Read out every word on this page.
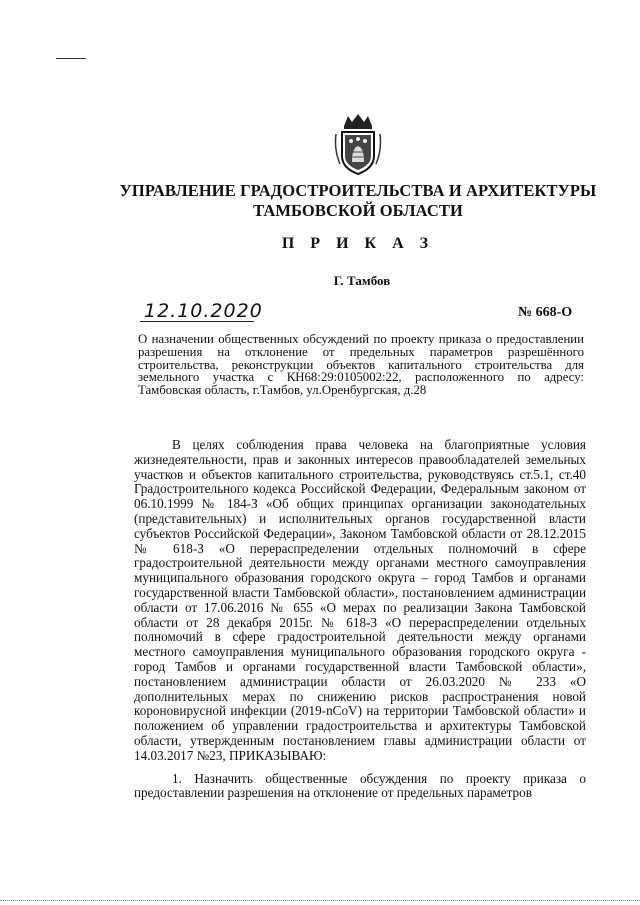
УПРАВЛЕНИЕ ГРАДОСТРОИТЕЛЬСТВА И АРХИТЕКТУРЫ
ТАМБОВСКОЙ ОБЛАСТИ
П Р И К А З
Г. Тамбов
12.10.2020	№ 668-О

О назначении общественных обсуждений по проекту приказа о предоставлении разрешения на отклонение от предельных параметров разрешённого строительства, реконструкции объектов капитального строительства для земельного участка с КН68:29:0105002:22, расположенного по адресу: Тамбовская область, г.Тамбов, ул.Оренбургская, д.28

В целях соблюдения права человека на благоприятные условия жизнедеятельности, прав и законных интересов правообладателей земельных участков и объектов капитального строительства, руководствуясь ст.5.1, ст.40 Градостроительного кодекса Российской Федерации, Федеральным законом от 06.10.1999 № 184-З «Об общих принципах организации законодательных (представительных) и исполнительных органов государственной власти субъектов Российской Федерации», Законом Тамбовской области от 28.12.2015 № 618-З «О перераспределении отдельных полномочий в сфере градостроительной деятельности между органами местного самоуправления муниципального образования городского округа – город Тамбов и органами государственной власти Тамбовской области», постановлением администрации области от 17.06.2016 № 655 «О мерах по реализации Закона Тамбовской области от 28 декабря 2015г. № 618-З «О перераспределении отдельных полномочий в сфере градостроительной деятельности между органами местного самоуправления муниципального образования городского округа - город Тамбов и органами государственной власти Тамбовской области», постановлением администрации области от 26.03.2020 № 233 «О дополнительных мерах по снижению рисков распространения новой короновирусной инфекции (2019-nCoV) на территории Тамбовской области» и положением об управлении градостроительства и архитектуры Тамбовской области, утвержденным постановлением главы администрации области от 14.03.2017 №23, ПРИКАЗЫВАЮ:

1. Назначить общественные обсуждения по проекту приказа о предоставлении разрешения на отклонение от предельных параметров
